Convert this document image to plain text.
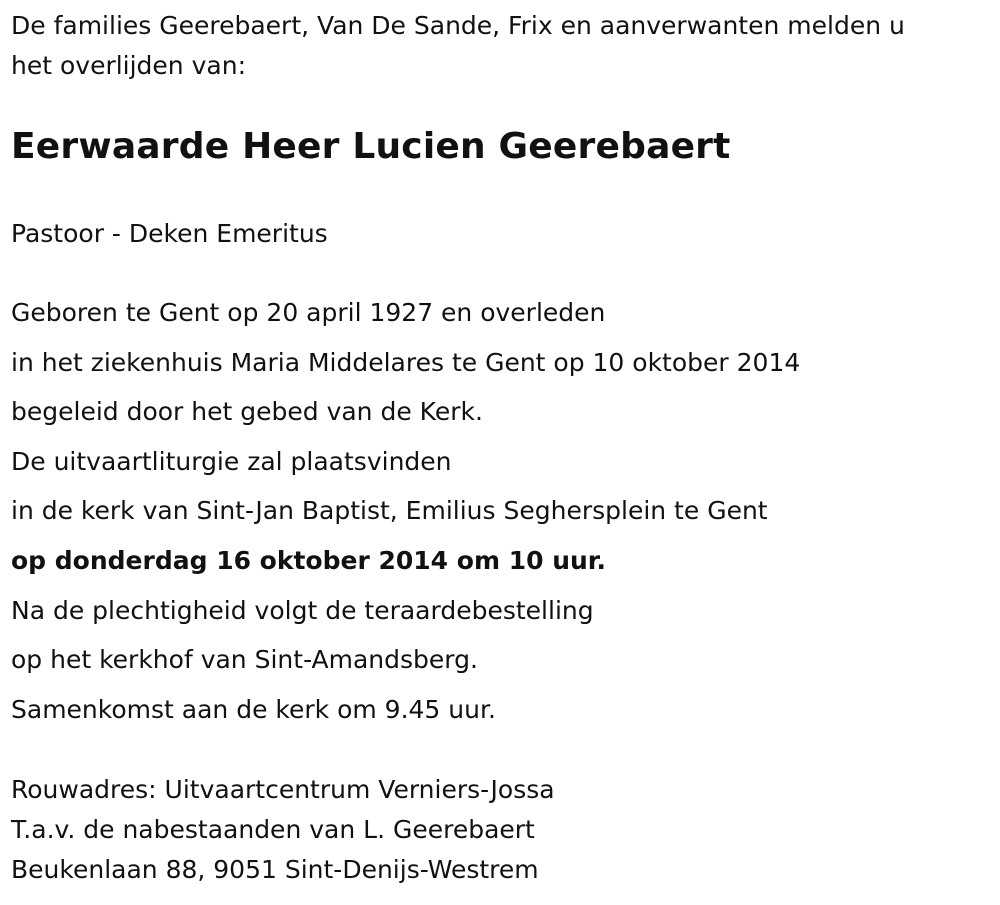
De families Geerebaert, Van De Sande, Frix en aanverwanten melden u
het overlijden van:

Eerwaarde Heer Lucien Geerebaert

Pastoor - Deken Emeritus

Geboren te Gent op 20 april 1927 en overleden
in het ziekenhuis Maria Middelares te Gent op 10 oktober 2014
begeleid door het gebed van de Kerk.
De uitvaartliturgie zal plaatsvinden
in de kerk van Sint-Jan Baptist, Emilius Seghersplein te Gent
op donderdag 16 oktober 2014 om 10 uur.
Na de plechtigheid volgt de teraardebestelling
op het kerkhof van Sint-Amandsberg.
Samenkomst aan de kerk om 9.45 uur.
Rouwadres: Uitvaartcentrum Verniers-Jossa
T.a.v. de nabestaanden van L. Geerebaert
Beukenlaan 88, 9051 Sint-Denijs-Westrem
